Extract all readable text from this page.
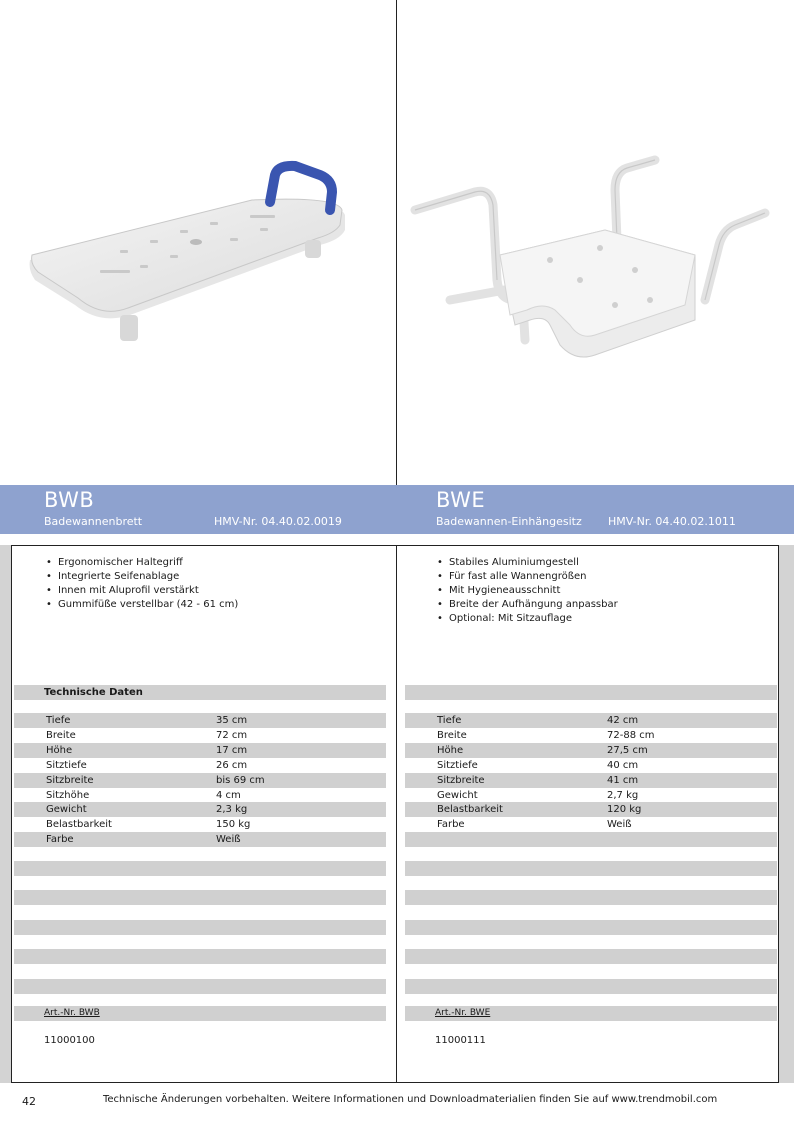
BWB
Badewannenbrett	HMV-Nr. 04.40.02.0019
BWE
Badewannen-Einhängesitz HMV-Nr. 04.40.02.1011
• Ergonomischer Haltegriff
• Integrierte Seifenablage
• Innen mit Aluprofil verstärkt
• Gummifüße verstellbar (42 - 61 cm)
Technische Daten
Tiefe	35 cm
Breite	72 cm
Höhe	17 cm
Sitztiefe	26 cm
Sitzbreite	bis 69 cm
Sitzhöhe	4 cm
Gewicht	2,3 kg
Belastbarkeit	150 kg
Farbe	Weiß
Art.-Nr. BWB
11000100
• Stabiles Aluminiumgestell
• Für fast alle Wannengrößen
• Mit Hygieneausschnitt
• Breite der Aufhängung anpassbar
• Optional: Mit Sitzauflage
Tiefe	42 cm
Breite	72-88 cm
Höhe	27,5 cm
Sitztiefe	40 cm
Sitzbreite	41 cm
Gewicht	2,7 kg
Belastbarkeit	120 kg
Farbe	Weiß
Art.-Nr. BWE
11000111
42	Technische Änderungen vorbehalten. Weitere Informationen und Downloadmaterialien finden Sie auf www.trendmobil.com
